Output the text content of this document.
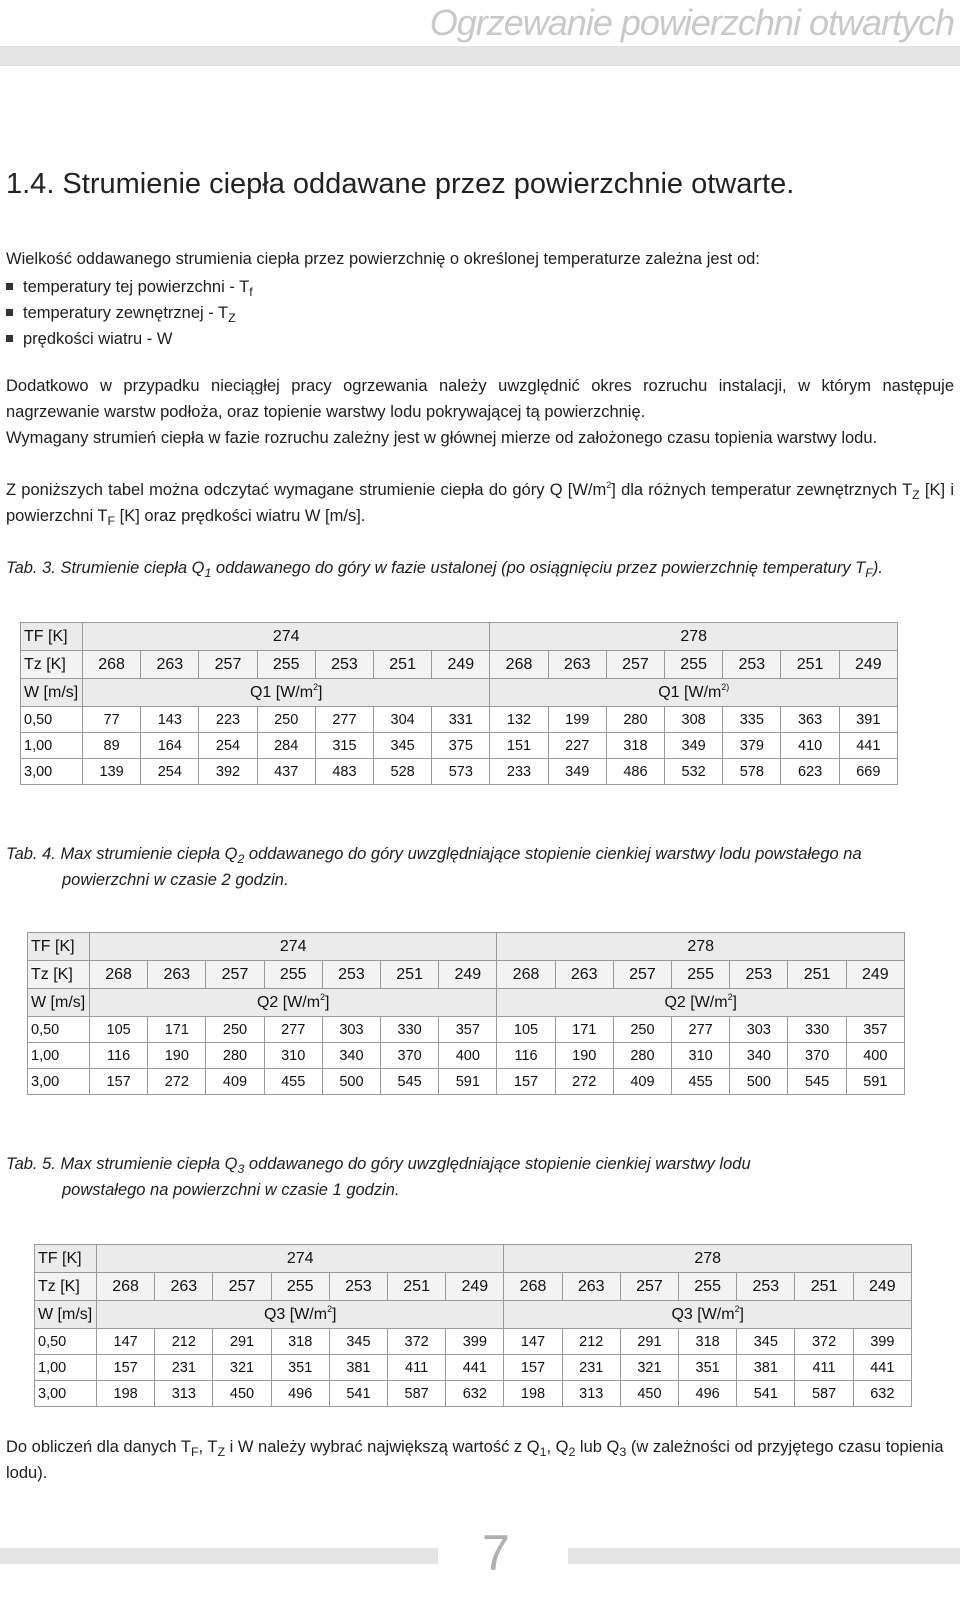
Ogrzewanie powierzchni otwartych
1.4. Strumienie ciepła oddawane przez powierzchnie otwarte.
Wielkość oddawanego strumienia ciepła przez powierzchnię o określonej temperaturze zależna jest od:
temperatury tej powierzchni - $T_f$
temperatury zewnętrznej - $T_Z$
prędkości wiatru - W
Dodatkowo w przypadku nieciągłej pracy ogrzewania należy uwzględnić okres rozruchu instalacji, w którym następuje nagrzewanie warstw podłoża, oraz topienie warstwy lodu pokrywającej tą powierzchnię.
Wymagany strumień ciepła w fazie rozruchu zależny jest w głównej mierze od założonego czasu topienia warstwy lodu.
Z poniższych tabel można odczytać wymagane strumienie ciepła do góry Q $[W/m^2]$ dla różnych temperatur zewnętrznych $T_Z$ [K] i powierzchni $T_F$ [K] oraz prędkości wiatru W [m/s].
Tab. 3. Strumienie ciepła $Q_1$ oddawanego do góry w fazie ustalonej (po osiągnięciu przez powierzchnię temperatury $T_F$).
Tab. 4. Max strumienie ciepła $Q_2$ oddawanego do góry uwzględniające stopienie cienkiej warstwy lodu powstałego na
powierzchni w czasie 2 godzin.
Tab. 5. Max strumienie ciepła $Q_3$ oddawanego do góry uwzględniające stopienie cienkiej warstwy lodu
powstałego na powierzchni w czasie 1 godzin.
TF [K]	274							278						
Tz [K]	268	263	257	255	253	251	249	268	263	257	255	253	251	249
W [m/s]	Q1 $[W/m^2]$							Q1 [$W/m^{2)}$
0,50	77	143	223	250	277	304	331	132	199	280	308	335	363	391
1,00	89	164	254	284	315	345	375	151	227	318	349	379	410	441
3,00	139	254	392	437	483	528	573	233	349	486	532	578	623	669
TF [K]	274							278						
Tz [K]	268	263	257	255	253	251	249	268	263	257	255	253	251	249
W [m/s]	Q2 $[W/m^2]$							Q2 $[W/m^2]$						
0,50	105	171	250	277	303	330	357	105	171	250	277	303	330	357
1,00	116	190	280	310	340	370	400	116	190	280	310	340	370	400
3,00	157	272	409	455	500	545	591	157	272	409	455	500	545	591
TF [K]	274							278						
Tz [K]	268	263	257	255	253	251	249	268	263	257	255	253	251	249
W [m/s]	Q3 $[W/m^2]$							Q3 $[W/m^2]$						
0,50	147	212	291	318	345	372	399	147	212	291	318	345	372	399
1,00	157	231	321	351	381	411	441	157	231	321	351	381	411	441
3,00	198	313	450	496	541	587	632	198	313	450	496	541	587	632
Do obliczeń dla danych $T_F$, $T_Z$ i W należy wybrać największą wartość z $Q_1$, $Q_2$ lub $Q_3$ (w zależności od przyjętego czasu topienia lodu).
7
